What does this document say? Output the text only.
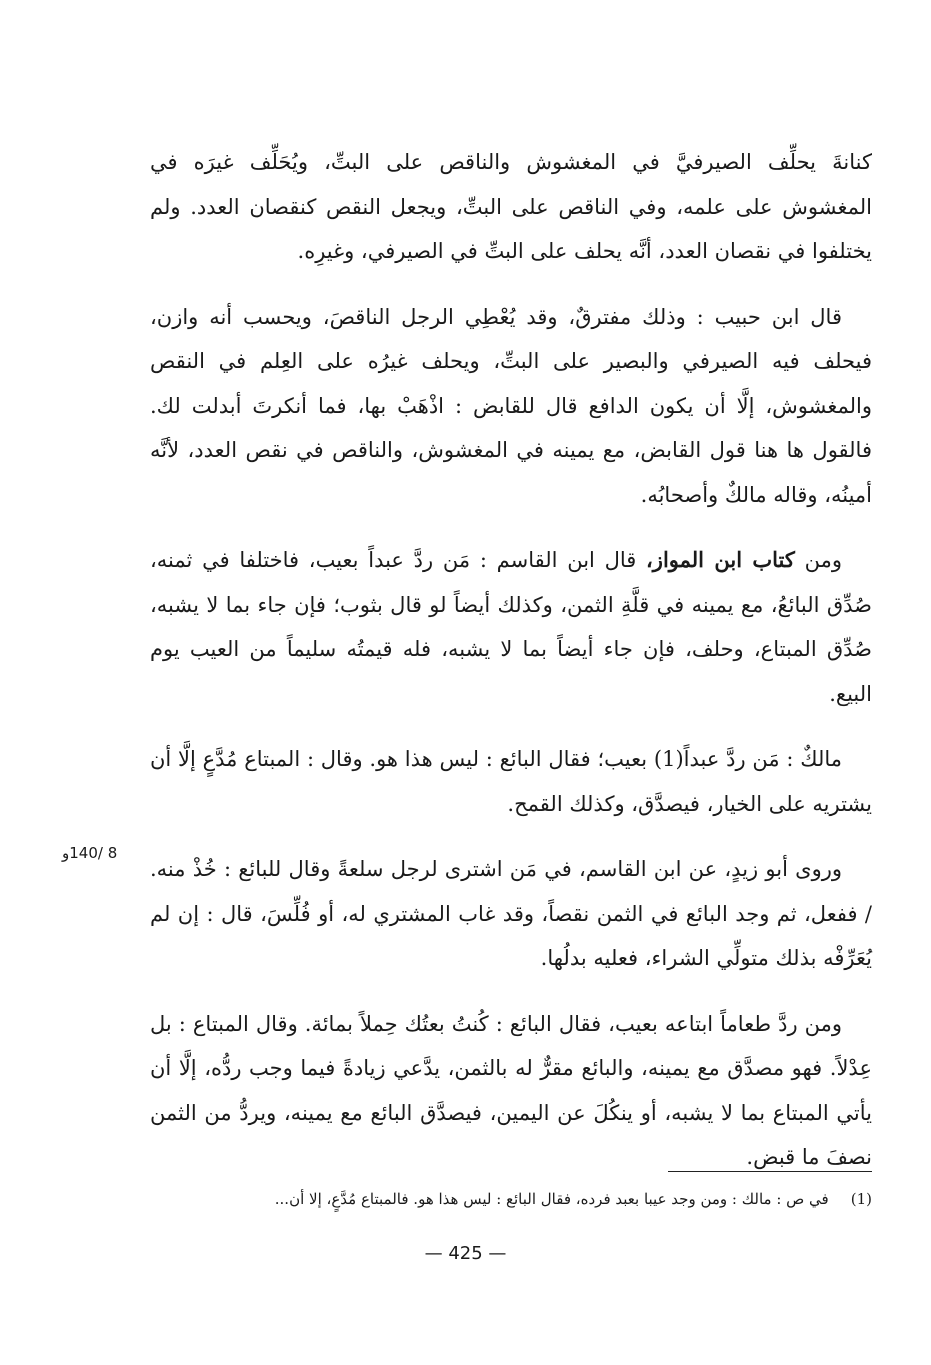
كنانةَ يحلِّف الصيرفيَّ في المغشوش والناقص على البتِّ، ويُحَلِّف غيرَه في المغشوش على علمه، وفي الناقص على البتِّ، ويجعل النقص كنقصان العدد. ولم يختلفوا في نقصان العدد، أنَّه يحلف على البتِّ في الصيرفي، وغيرِه.

قال ابن حبيب : وذلك مفترقٌ، وقد يُعْطِي الرجل الناقصَ، ويحسب أنه وازن، فيحلف فيه الصيرفي والبصير على البتِّ، ويحلف غيرُه على العِلم في النقص والمغشوش، إلَّا أن يكون الدافع قال للقابض : اذْهَبْ بها، فما أنكرتَ أبدلت لك. فالقول ها هنا قول القابض، مع يمينه في المغشوش، والناقص في نقص العدد، لأنَّه أمينُه، وقاله مالكٌ وأصحابُه.

ومن كتاب ابن المواز، قال ابن القاسم : مَن ردَّ عبداً بعيب، فاختلفا في ثمنه، صُدِّق البائعُ، مع يمينه في قلَّةِ الثمن، وكذلك أيضاً لو قال بثوب؛ فإن جاء بما لا يشبه، صُدِّق المبتاع، وحلف، فإن جاء أيضاً بما لا يشبه، فله قيمتُه سليماً من العيب يوم البيع.

مالكٌ : مَن ردَّ عبداً(1) بعيب؛ فقال البائع : ليس هذا هو. وقال : المبتاع مُدَّعٍ إلَّا أن يشتريه على الخيار، فيصدَّق، وكذلك القمح.

وروى أبو زيدٍ، عن ابن القاسم، في مَن اشترى لرجل سلعةً وقال للبائع : خُذْ منه. / ففعل، ثم وجد البائع في الثمن نقصاً، وقد غاب المشتري له، أو فُلِّسَ، قال : إن لم يُعَرِّفْه بذلك متولِّي الشراء، فعليه بدلُها.

ومن ردَّ طعاماً ابتاعه بعيب، فقال البائع : كُنتُ بعتُك حِملاً بمائة. وقال المبتاع : بل عِدْلاً. فهو مصدَّق مع يمينه، والبائع مقرٌّ له بالثمن، يدَّعي زيادةً فيما وجب ردُّه، إلَّا أن يأتي المبتاع بما لا يشبه، أو ينكُلَ عن اليمين، فيصدَّق البائع مع يمينه، ويردُّ من الثمن نصفَ ما قبض.

8 /140و
(1)في ص : مالك : ومن وجد عيبا بعبد فرده، فقال البائع : ليس هذا هو. فالمبتاع مُدَّعٍ، إلا أن...
— 425 —
